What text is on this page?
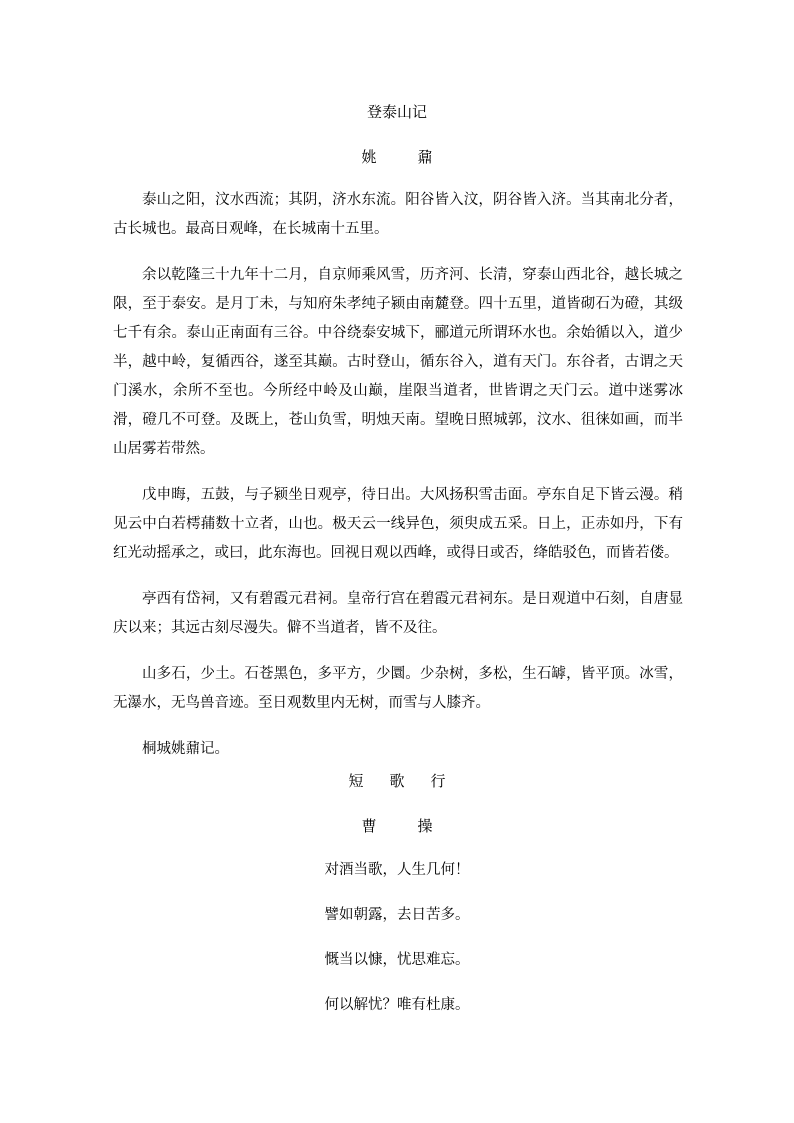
登泰山记
姚　鼐

泰山之阳，汶水西流；其阴，济水东流。阳谷皆入汶，阴谷皆入济。当其南北分者，古长城也。最高日观峰，在长城南十五里。

余以乾隆三十九年十二月，自京师乘风雪，历齐河、长清，穿泰山西北谷，越长城之限，至于泰安。是月丁未，与知府朱孝纯子颍由南麓登。四十五里，道皆砌石为磴，其级七千有余。泰山正南面有三谷。中谷绕泰安城下，郦道元所谓环水也。余始循以入，道少半，越中岭，复循西谷，遂至其巅。古时登山，循东谷入，道有天门。东谷者，古谓之天门溪水，余所不至也。今所经中岭及山巅，崖限当道者，世皆谓之天门云。道中迷雾冰滑，磴几不可登。及既上，苍山负雪，明烛天南。望晚日照城郭，汶水、徂徕如画，而半山居雾若带然。

戊申晦，五鼓，与子颍坐日观亭，待日出。大风扬积雪击面。亭东自足下皆云漫。稍见云中白若樗蒱数十立者，山也。极天云一线异色，须臾成五采。日上，正赤如丹，下有红光动摇承之，或曰，此东海也。回视日观以西峰，或得日或否，绛皓驳色，而皆若偻。

亭西有岱祠，又有碧霞元君祠。皇帝行宫在碧霞元君祠东。是日观道中石刻，自唐显庆以来；其远古刻尽漫失。僻不当道者，皆不及往。

山多石，少土。石苍黑色，多平方，少圜。少杂树，多松，生石罅，皆平顶。冰雪，无瀑水，无鸟兽音迹。至日观数里内无树，而雪与人膝齐。

桐城姚鼐记。

短歌行
曹　操

对酒当歌，人生几何！

譬如朝露，去日苦多。

慨当以慷，忧思难忘。

何以解忧？唯有杜康。
